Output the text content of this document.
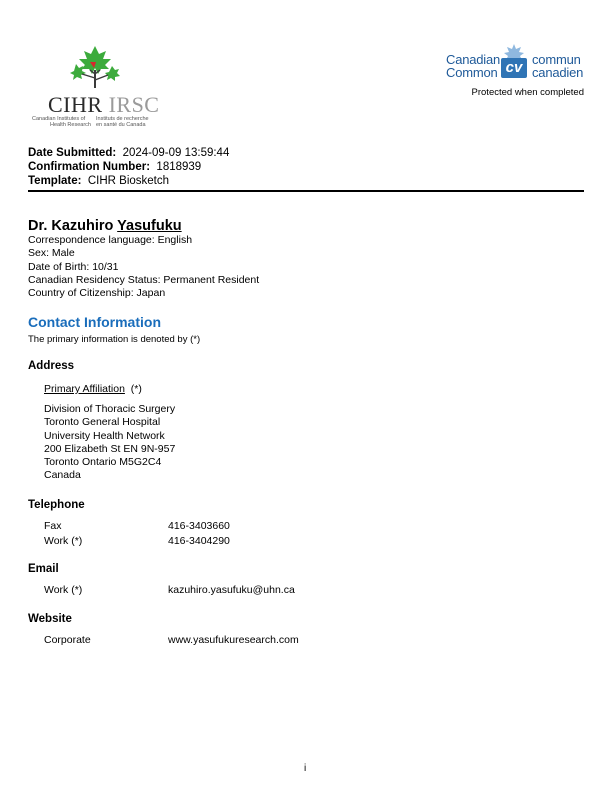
CIHR IRSC
Canadian Institutes of
Health Research
Instituts de recherche
en santé du Canada
Canadian
Common cv commun
canadien
Protected when completed
Date Submitted: 2024-09-09 13:59:44
Confirmation Number: 1818939
Template: CIHR Biosketch
Dr. Kazuhiro Yasufuku
Correspondence language: English
Sex: Male
Date of Birth: 10/31
Canadian Residency Status: Permanent Resident
Country of Citizenship: Japan
Contact Information
The primary information is denoted by (*)
Address
Primary Affiliation (*)
Division of Thoracic Surgery
Toronto General Hospital
University Health Network
200 Elizabeth St EN 9N-957
Toronto Ontario M5G2C4
Canada
Telephone
Fax	416-3403660
Work (*)	416-3404290
Email
Work (*)	kazuhiro.yasufuku@uhn.ca
Website
Corporate	www.yasufukuresearch.com
i
